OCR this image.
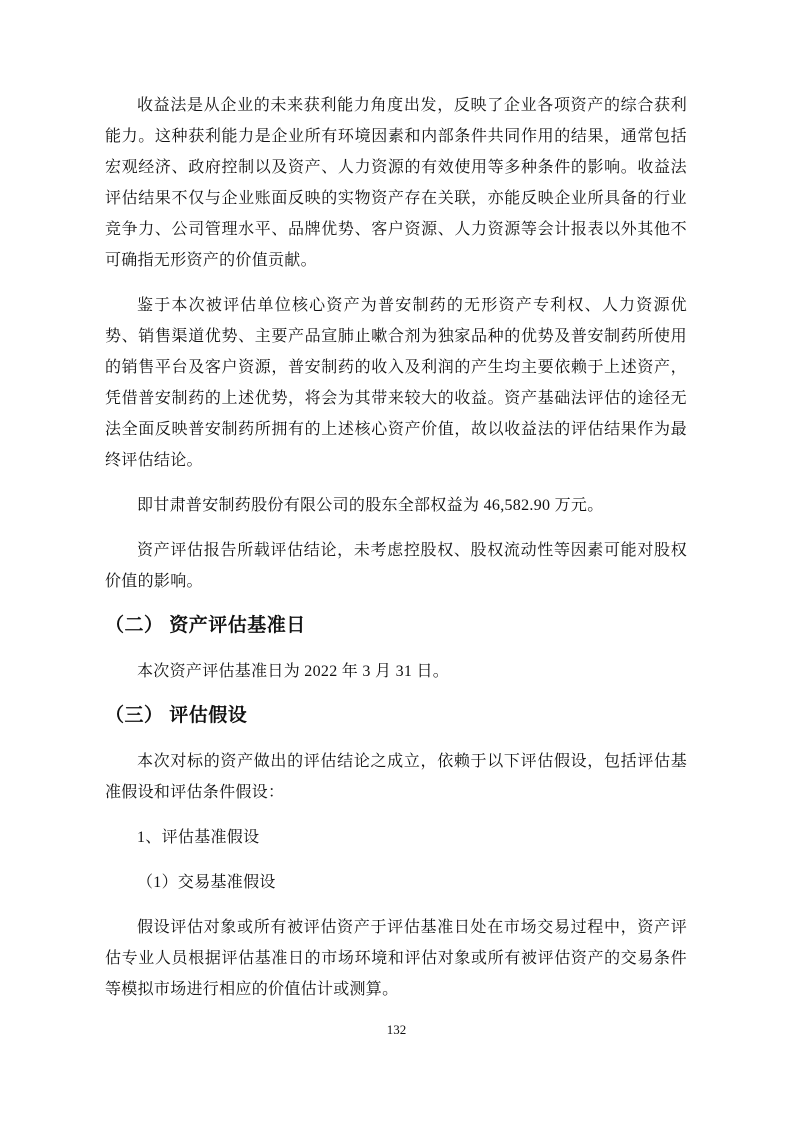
收益法是从企业的未来获利能力角度出发，反映了企业各项资产的综合获利能力。这种获利能力是企业所有环境因素和内部条件共同作用的结果，通常包括宏观经济、政府控制以及资产、人力资源的有效使用等多种条件的影响。收益法评估结果不仅与企业账面反映的实物资产存在关联，亦能反映企业所具备的行业竞争力、公司管理水平、品牌优势、客户资源、人力资源等会计报表以外其他不可确指无形资产的价值贡献。

鉴于本次被评估单位核心资产为普安制药的无形资产专利权、人力资源优势、销售渠道优势、主要产品宣肺止嗽合剂为独家品种的优势及普安制药所使用的销售平台及客户资源，普安制药的收入及利润的产生均主要依赖于上述资产，凭借普安制药的上述优势，将会为其带来较大的收益。资产基础法评估的途径无法全面反映普安制药所拥有的上述核心资产价值，故以收益法的评估结果作为最终评估结论。

即甘肃普安制药股份有限公司的股东全部权益为 46,582.90 万元。

资产评估报告所载评估结论，未考虑控股权、股权流动性等因素可能对股权价值的影响。

（二） 资产评估基准日

本次资产评估基准日为 2022 年 3 月 31 日。

（三） 评估假设

本次对标的资产做出的评估结论之成立，依赖于以下评估假设，包括评估基准假设和评估条件假设：

1、评估基准假设

（1）交易基准假设

假设评估对象或所有被评估资产于评估基准日处在市场交易过程中，资产评估专业人员根据评估基准日的市场环境和评估对象或所有被评估资产的交易条件等模拟市场进行相应的价值估计或测算。

132
